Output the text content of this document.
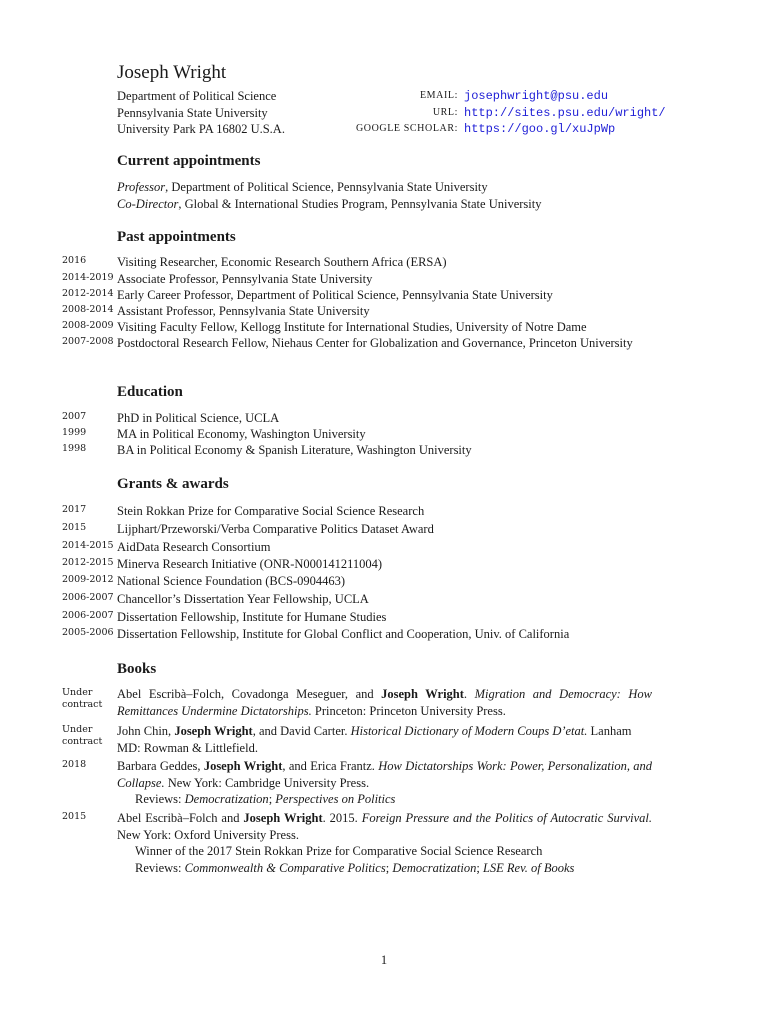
Joseph Wright
Department of Political Science
Pennsylvania State University
University Park PA 16802 U.S.A.
EMAIL: josephwright@psu.edu
URL: http://sites.psu.edu/wright/
GOOGLE SCHOLAR: https://goo.gl/xuJpWp
Current appointments
Professor, Department of Political Science, Pennsylvania State University
Co-Director, Global & International Studies Program, Pennsylvania State University
Past appointments
2016	Visiting Researcher, Economic Research Southern Africa (ERSA)
2014-2019 Associate Professor, Pennsylvania State University
2012-2014 Early Career Professor, Department of Political Science, Pennsylvania State University
2008-2014 Assistant Professor, Pennsylvania State University
2008-2009 Visiting Faculty Fellow, Kellogg Institute for International Studies, University of Notre Dame
2007-2008 Postdoctoral Research Fellow, Niehaus Center for Globalization and Governance, Princeton University
Education
2007	PhD in Political Science, UCLA
1999	MA in Political Economy, Washington University
1998	BA in Political Economy & Spanish Literature, Washington University
Grants & awards
2017	Stein Rokkan Prize for Comparative Social Science Research
2015	Lijphart/Przeworski/Verba Comparative Politics Dataset Award
2014-2015 AidData Research Consortium
2012-2015 Minerva Research Initiative (ONR-N000141211004)
2009-2012 National Science Foundation (BCS-0904463)
2006-2007 Chancellor’s Dissertation Year Fellowship, UCLA
2006-2007 Dissertation Fellowship, Institute for Humane Studies
2005-2006 Dissertation Fellowship, Institute for Global Conflict and Cooperation, Univ. of California
Books
Under contract
Abel Escribà–Folch, Covadonga Meseguer, and Joseph Wright. Migration and Democracy: How Remittances Undermine Dictatorships. Princeton: Princeton University Press.
Under contract
John Chin, Joseph Wright, and David Carter. Historical Dictionary of Modern Coups D’etat. Lanham MD: Rowman & Littlefield.
2018	Barbara Geddes, Joseph Wright, and Erica Frantz. How Dictatorships Work: Power, Personalization, and Collapse. New York: Cambridge University Press.
Reviews: Democratization; Perspectives on Politics
2015	Abel Escribà–Folch and Joseph Wright. 2015. Foreign Pressure and the Politics of Autocratic Survival. New York: Oxford University Press.
Winner of the 2017 Stein Rokkan Prize for Comparative Social Science Research
Reviews: Commonwealth & Comparative Politics; Democratization; LSE Rev. of Books
1
